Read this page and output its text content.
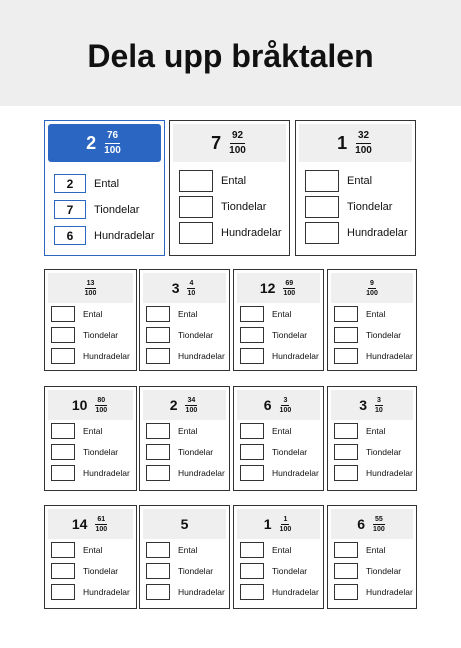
Dela upp bråktalen
$2 \frac{76}{100}$
2	Ental
7	Tiondelar
6	Hundradelar
$7 \frac{92}{100}$
Ental
Tiondelar
Hundradelar
$1 \frac{32}{100}$
Ental
Tiondelar
Hundradelar
$\frac{13}{100}$
Ental
Tiondelar
Hundradelar
$3 \frac{4}{10}$
Ental
Tiondelar
Hundradelar
$12 \frac{69}{100}$
Ental
Tiondelar
Hundradelar
$\frac{9}{100}$
Ental
Tiondelar
Hundradelar
$10 \frac{80}{100}$
Ental
Tiondelar
Hundradelar
$2 \frac{34}{100}$
Ental
Tiondelar
Hundradelar
$6 \frac{3}{100}$
Ental
Tiondelar
Hundradelar
$3 \frac{3}{10}$
Ental
Tiondelar
Hundradelar
$14 \frac{61}{100}$
Ental
Tiondelar
Hundradelar
5
Ental
Tiondelar
Hundradelar
$1 \frac{1}{100}$
Ental
Tiondelar
Hundradelar
$6 \frac{55}{100}$
Ental
Tiondelar
Hundradelar
